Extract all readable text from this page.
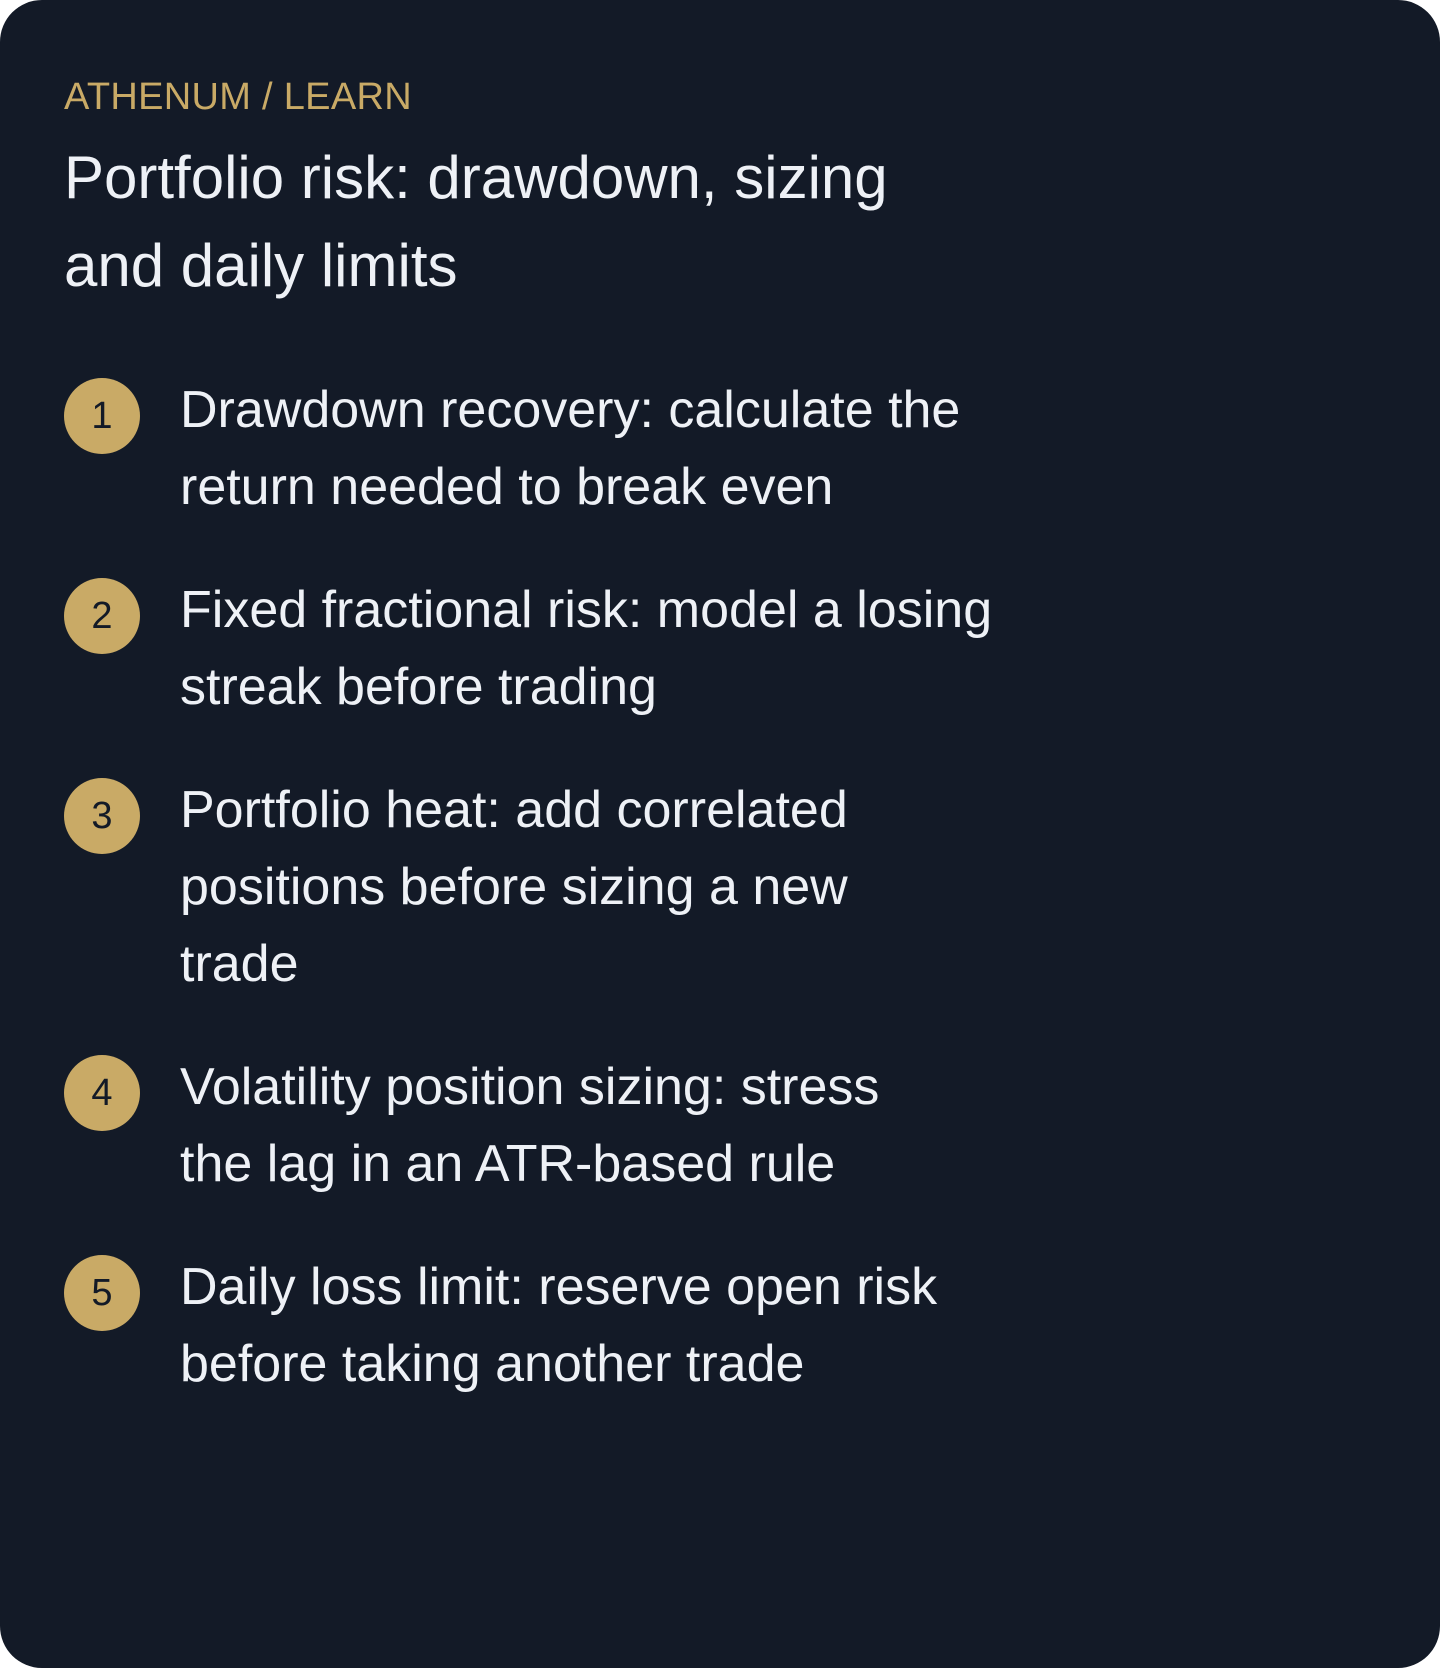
ATHENUM / LEARN

Portfolio risk: drawdown, sizing and daily limits
1	Drawdown recovery: calculate the return needed to break even
2	Fixed fractional risk: model a losing streak before trading
3	Portfolio heat: add correlated positions before sizing a new trade
4	Volatility position sizing: stress the lag in an ATR-based rule
5	Daily loss limit: reserve open risk before taking another trade
